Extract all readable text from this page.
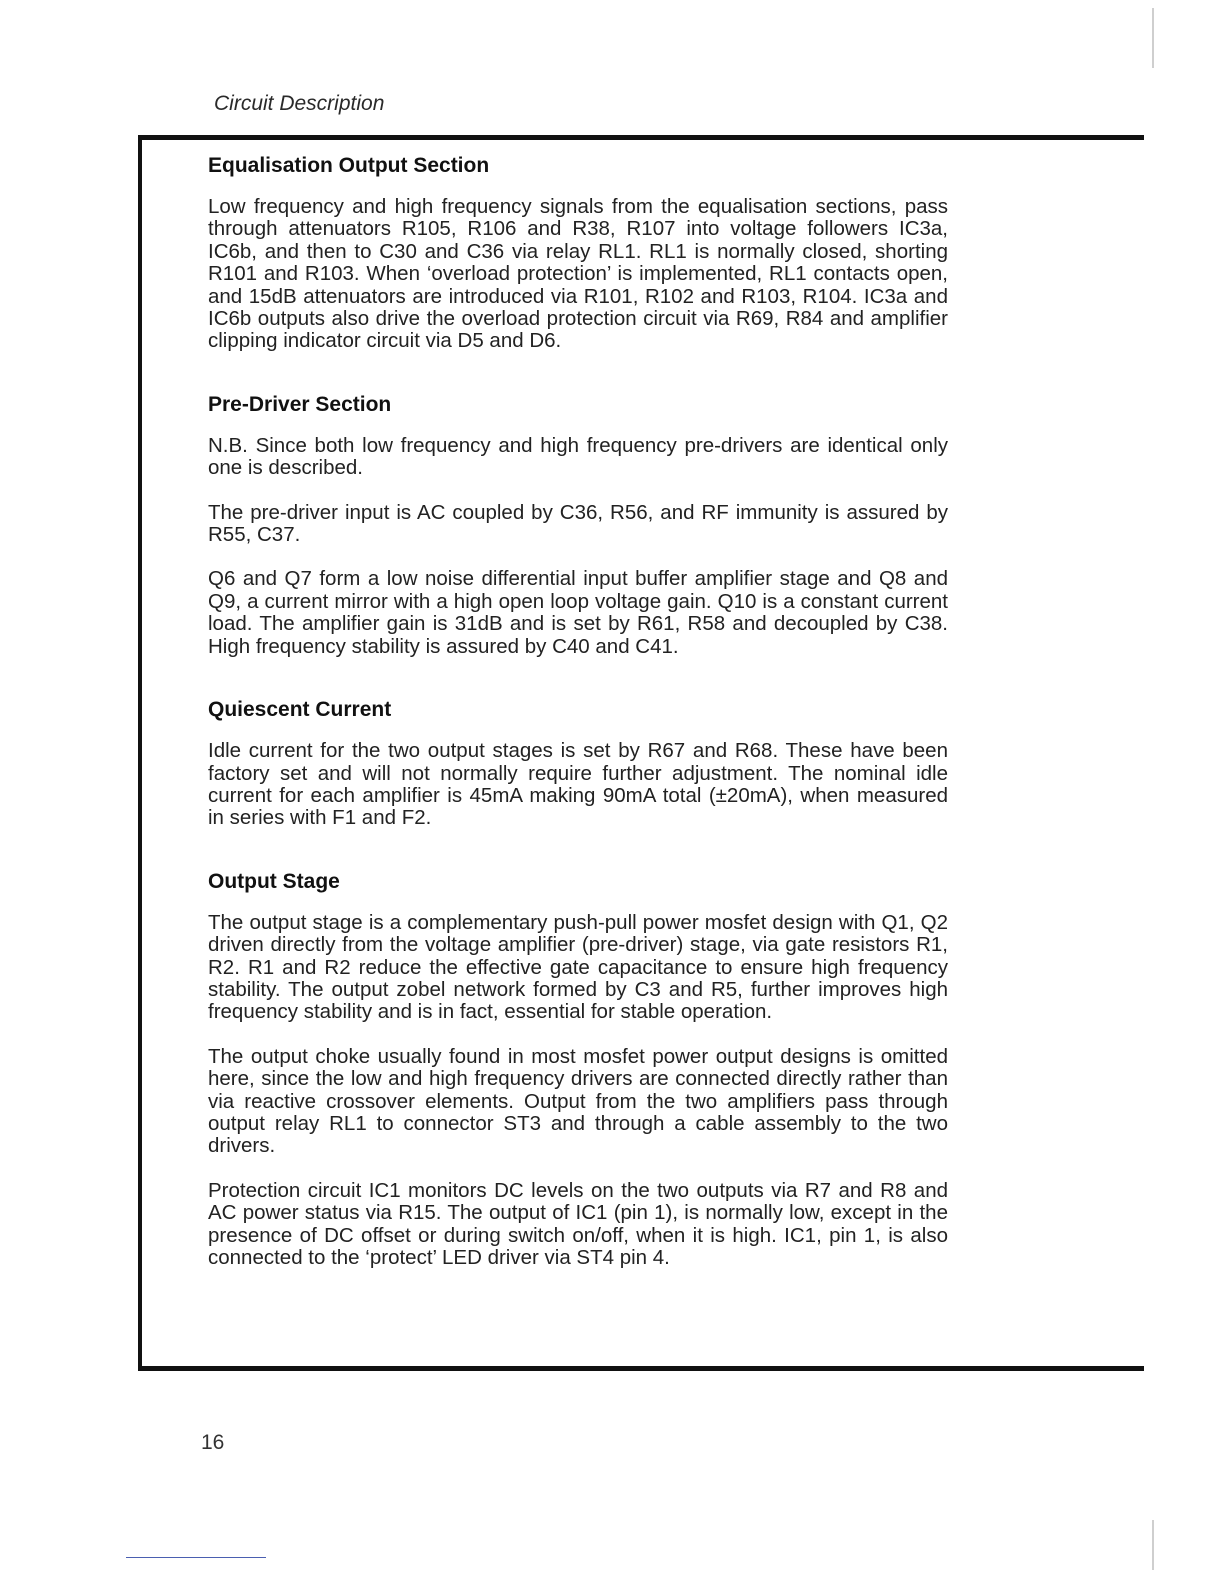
Circuit Description
Equalisation Output Section

Low frequency and high frequency signals from the equalisation sections, pass through attenuators R105, R106 and R38, R107 into voltage followers IC3a, IC6b, and then to C30 and C36 via relay RL1. RL1 is normally closed, shorting R101 and R103. When ‘overload protection’ is implemented, RL1 contacts open, and 15dB attenuators are introduced via R101, R102 and R103, R104. IC3a and IC6b outputs also drive the overload protection circuit via R69, R84 and amplifier clipping indicator circuit via D5 and D6.

Pre-Driver Section

N.B. Since both low frequency and high frequency pre-drivers are identical only one is described.

The pre-driver input is AC coupled by C36, R56, and RF immunity is assured by R55, C37.

Q6 and Q7 form a low noise differential input buffer amplifier stage and Q8 and Q9, a current mirror with a high open loop voltage gain. Q10 is a constant current load. The amplifier gain is 31dB and is set by R61, R58 and decoupled by C38. High frequency stability is assured by C40 and C41.

Quiescent Current

Idle current for the two output stages is set by R67 and R68. These have been factory set and will not normally require further adjustment. The nominal idle current for each amplifier is 45mA making 90mA total (±20mA), when measured in series with F1 and F2.

Output Stage

The output stage is a complementary push-pull power mosfet design with Q1, Q2 driven directly from the voltage amplifier (pre-driver) stage, via gate resistors R1, R2. R1 and R2 reduce the effective gate capacitance to ensure high frequency stability. The output zobel network formed by C3 and R5, further improves high frequency stability and is in fact, essential for stable operation.

The output choke usually found in most mosfet power output designs is omitted here, since the low and high frequency drivers are connected directly rather than via reactive crossover elements. Output from the two amplifiers pass through output relay RL1 to connector ST3 and through a cable assembly to the two drivers.

Protection circuit IC1 monitors DC levels on the two outputs via R7 and R8 and AC power status via R15. The output of IC1 (pin 1), is normally low, except in the presence of DC offset or during switch on/off, when it is high. IC1, pin 1, is also connected to the ‘protect’ LED driver via ST4 pin 4.

16
